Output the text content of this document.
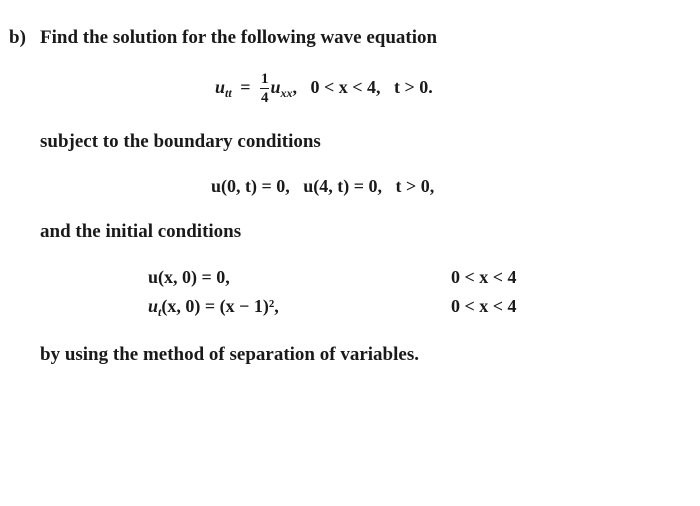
b) Find the solution for the following wave equation
$u_{tt} = \frac{1}{4} u_{xx}$,   0 < x < 4,   t > 0.
subject to the boundary conditions
u(0, t) = 0,   u(4, t) = 0,   t > 0,
and the initial conditions
u(x, 0) = 0,	0 < x < 4
$u_t(x$, 0) = (x − 1)²,	0 < x < 4
by using the method of separation of variables.
